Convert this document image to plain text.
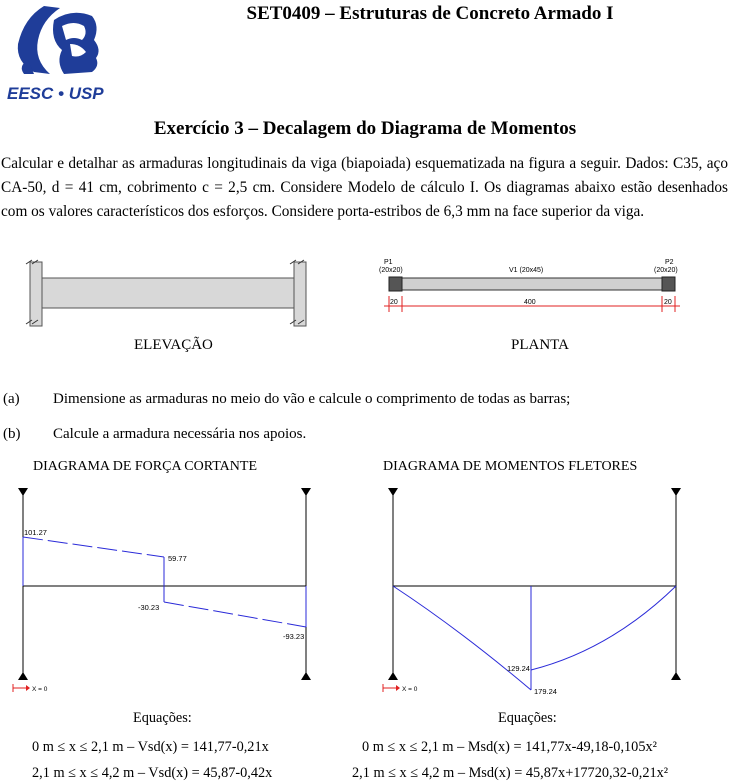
EESC • USP
SET0409 – Estruturas de Concreto Armado I
Exercício 3 – Decalagem do Diagrama de Momentos
Calcular e detalhar as armaduras longitudinais da viga (biapoiada) esquematizada na figura a seguir. Dados: C35, aço CA-50, d = 41 cm, cobrimento c = 2,5 cm. Considere Modelo de cálculo I. Os diagramas abaixo estão desenhados com os valores característicos dos esforços. Considere porta-estribos de 6,3 mm na face superior da viga.
ELEVAÇÃO
P1
(20x20)	V1 (20x45)
P2
(20x20)
20	400	20
PLANTA
(a) Dimensione as armaduras no meio do vão e calcule o comprimento de todas as barras;
(b) Calcule a armadura necessária nos apoios.
DIAGRAMA DE FORÇA CORTANTE	DIAGRAMA DE MOMENTOS FLETORES
101.27
59.77
-30.23
-93.23
X = 0
129.24
179.24
X = 0
Equações:
0 m ≤ x ≤ 2,1 m – Vsd(x) = 141,77-0,21x
2,1 m ≤ x ≤ 4,2 m – Vsd(x) = 45,87-0,42x
Equações:
0 m ≤ x ≤ 2,1 m – Msd(x) = 141,77x-49,18-0,105x²
2,1 m ≤ x ≤ 4,2 m – Msd(x) = 45,87x+17720,32-0,21x²
